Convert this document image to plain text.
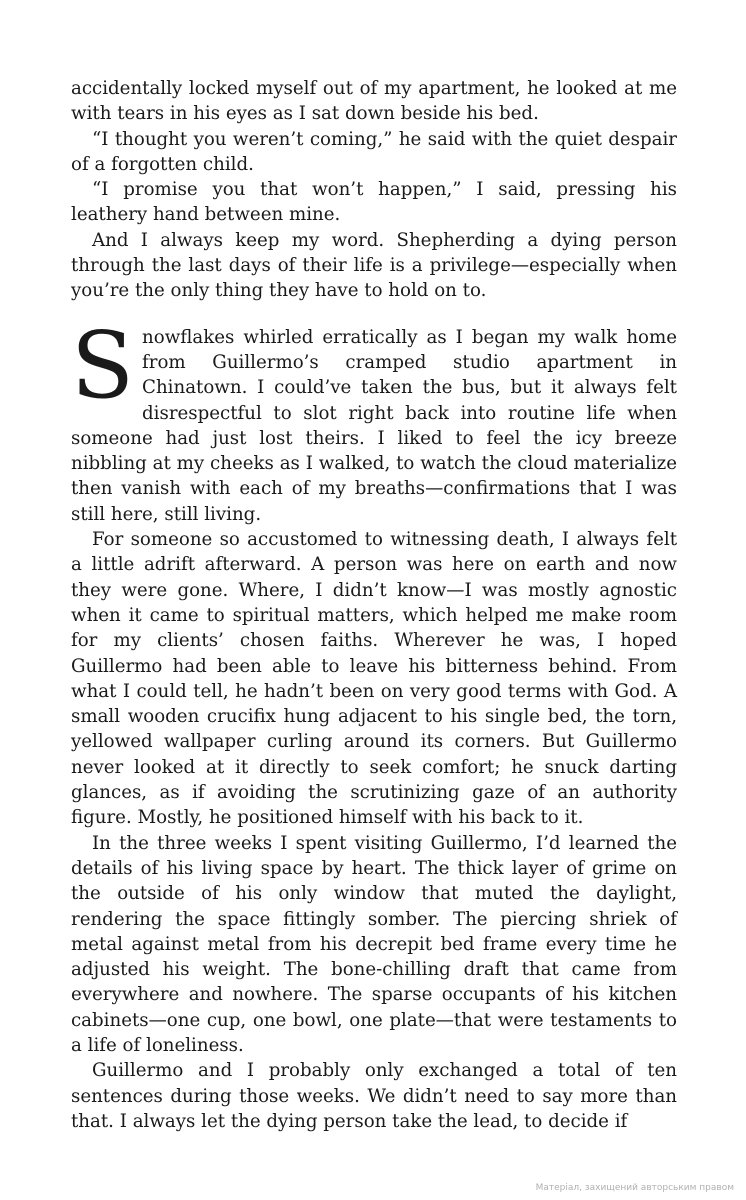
accidentally locked myself out of my apartment, he looked at me with tears in his eyes as I sat down beside his bed.

“I thought you weren’t coming,” he said with the quiet despair of a forgotten child.

“I promise you that won’t happen,” I said, pressing his leathery hand between mine.

And I always keep my word. Shepherding a dying person through the last days of their life is a privilege—especially when you’re the only thing they have to hold on to.

Snowflakes whirled erratically as I began my walk home from Guillermo’s cramped studio apartment in Chinatown. I could’ve taken the bus, but it always felt disrespectful to slot right back into routine life when someone had just lost theirs. I liked to feel the icy breeze nibbling at my cheeks as I walked, to watch the cloud materialize then vanish with each of my breaths—confirmations that I was still here, still living.

For someone so accustomed to witnessing death, I always felt a little adrift afterward. A person was here on earth and now they were gone. Where, I didn’t know—I was mostly agnostic when it came to spiritual matters, which helped me make room for my clients’ chosen faiths. Wherever he was, I hoped Guillermo had been able to leave his bitterness behind. From what I could tell, he hadn’t been on very good terms with God. A small wooden crucifix hung adjacent to his single bed, the torn, yellowed wallpaper curling around its corners. But Guillermo never looked at it directly to seek comfort; he snuck darting glances, as if avoiding the scrutinizing gaze of an authority figure. Mostly, he positioned himself with his back to it.

In the three weeks I spent visiting Guillermo, I’d learned the details of his living space by heart. The thick layer of grime on the outside of his only window that muted the daylight, rendering the space fittingly somber. The piercing shriek of metal against metal from his decrepit bed frame every time he adjusted his weight. The bone-chilling draft that came from everywhere and nowhere. The sparse occupants of his kitchen cabinets—one cup, one bowl, one plate—that were testaments to a life of loneliness.

Guillermo and I probably only exchanged a total of ten sentences during those weeks. We didn’t need to say more than that. I always let the dying person take the lead, to decide if

Матеріал, захищений авторським правом
